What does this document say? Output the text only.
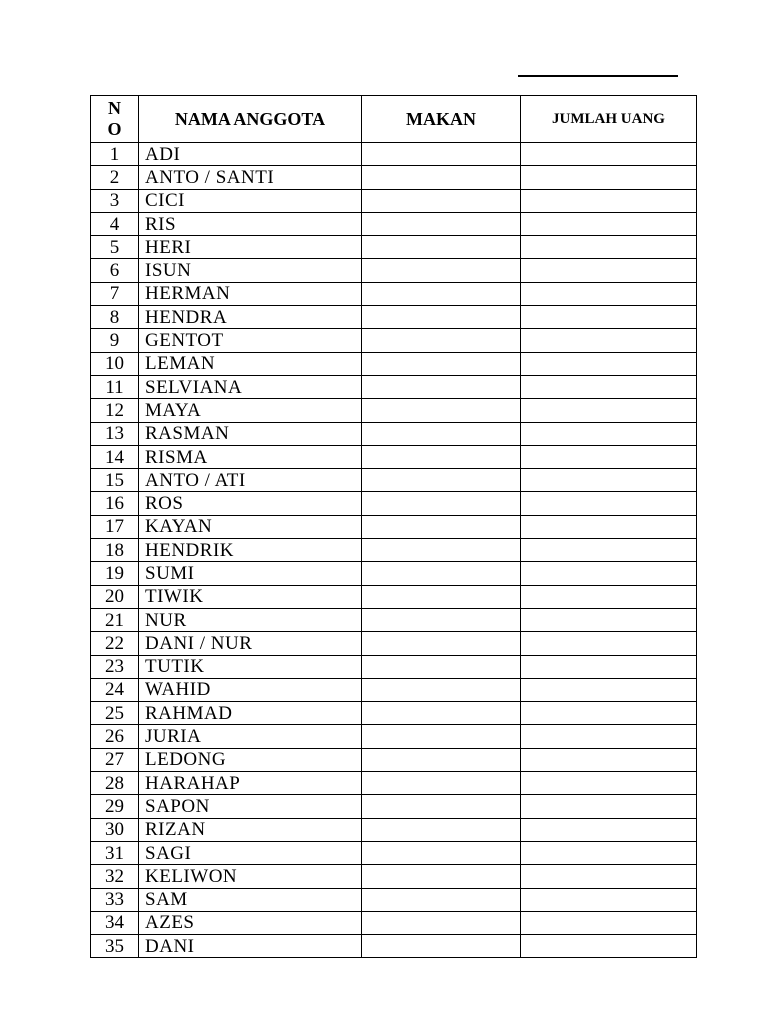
N
O	NAMA ANGGOTA	MAKAN	JUMLAH UANG
1	ADI		
2	ANTO / SANTI		
3	CICI		
4	RIS		
5	HERI		
6	ISUN		
7	HERMAN		
8	HENDRA		
9	GENTOT		
10	LEMAN		
11	SELVIANA		
12	MAYA		
13	RASMAN		
14	RISMA		
15	ANTO / ATI		
16	ROS		
17	KAYAN		
18	HENDRIK		
19	SUMI		
20	TIWIK		
21	NUR		
22	DANI / NUR		
23	TUTIK		
24	WAHID		
25	RAHMAD		
26	JURIA		
27	LEDONG		
28	HARAHAP		
29	SAPON		
30	RIZAN		
31	SAGI		
32	KELIWON		
33	SAM		
34	AZES		
35	DANI		
